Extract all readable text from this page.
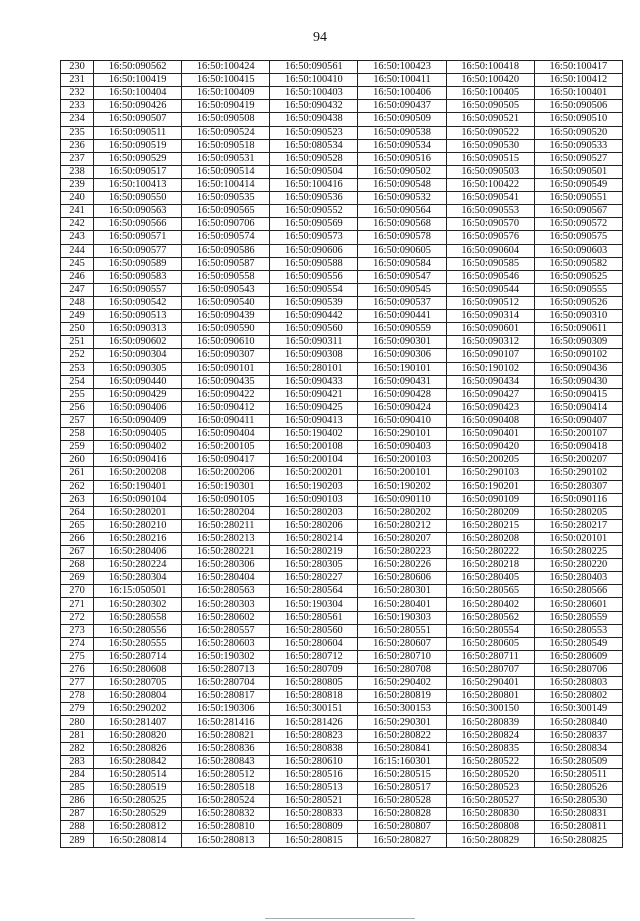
94
230	16:50:090562	16:50:100424	16:50:090561	16:50:100423	16:50:100418	16:50:100417
231	16:50:100419	16:50:100415	16:50:100410	16:50:100411	16:50:100420	16:50:100412
232	16:50:100404	16:50:100409	16:50:100403	16:50:100406	16:50:100405	16:50:100401
233	16:50:090426	16:50:090419	16:50:090432	16:50:090437	16:50:090505	16:50:090506
234	16:50:090507	16:50:090508	16:50:090438	16:50:090509	16:50:090521	16:50:090510
235	16:50:090511	16:50:090524	16:50:090523	16:50:090538	16:50:090522	16:50:090520
236	16:50:090519	16:50:090518	16:50:080534	16:50:090534	16:50:090530	16:50:090533
237	16:50:090529	16:50:090531	16:50:090528	16:50:090516	16:50:090515	16:50:090527
238	16:50:090517	16:50:090514	16:50:090504	16:50:090502	16:50:090503	16:50:090501
239	16:50:100413	16:50:100414	16:50:100416	16:50:090548	16:50:100422	16:50:090549
240	16:50:090550	16:50:090535	16:50:090536	16:50:090532	16:50:090541	16:50:090551
241	16:50:090563	16:50:090565	16:50:090552	16:50:090564	16:50:090553	16:50:090567
242	16:50:090566	16:50:090706	16:50:090569	16:50:090568	16:50:090570	16:50:090572
243	16:50:090571	16:50:090574	16:50:090573	16:50:090578	16:50:090576	16:50:090575
244	16:50:090577	16:50:090586	16:50:090606	16:50:090605	16:50:090604	16:50:090603
245	16:50:090589	16:50:090587	16:50:090588	16:50:090584	16:50:090585	16:50:090582
246	16:50:090583	16:50:090558	16:50:090556	16:50:090547	16:50:090546	16:50:090525
247	16:50:090557	16:50:090543	16:50:090554	16:50:090545	16:50:090544	16:50:090555
248	16:50:090542	16:50:090540	16:50:090539	16:50:090537	16:50:090512	16:50:090526
249	16:50:090513	16:50:090439	16:50:090442	16:50:090441	16:50:090314	16:50:090310
250	16:50:090313	16:50:090590	16:50:090560	16:50:090559	16:50:090601	16:50:090611
251	16:50:090602	16:50:090610	16:50:090311	16:50:090301	16:50:090312	16:50:090309
252	16:50:090304	16:50:090307	16:50:090308	16:50:090306	16:50:090107	16:50:090102
253	16:50:090305	16:50:090101	16:50:280101	16:50:190101	16:50:190102	16:50:090436
254	16:50:090440	16:50:090435	16:50:090433	16:50:090431	16:50:090434	16:50:090430
255	16:50:090429	16:50:090422	16:50:090421	16:50:090428	16:50:090427	16:50:090415
256	16:50:090406	16:50:090412	16:50:090425	16:50:090424	16:50:090423	16:50:090414
257	16:50:090409	16:50:090411	16:50:090413	16:50:090410	16:50:090408	16:50:090407
258	16:50:090405	16:50:090404	16:50:190402	16:50:290101	16:50:090401	16:50:200107
259	16:50:090402	16:50:200105	16:50:200108	16:50:090403	16:50:090420	16:50:090418
260	16:50:090416	16:50:090417	16:50:200104	16:50:200103	16:50:200205	16:50:200207
261	16:50:200208	16:50:200206	16:50:200201	16:50:200101	16:50:290103	16:50:290102
262	16:50:190401	16:50:190301	16:50:190203	16:50:190202	16:50:190201	16:50:280307
263	16:50:090104	16:50:090105	16:50:090103	16:50:090110	16:50:090109	16:50:090116
264	16:50:280201	16:50:280204	16:50:280203	16:50:280202	16:50:280209	16:50:280205
265	16:50:280210	16:50:280211	16:50:280206	16:50:280212	16:50:280215	16:50:280217
266	16:50:280216	16:50:280213	16:50:280214	16:50:280207	16:50:280208	16:50:020101
267	16:50:280406	16:50:280221	16:50:280219	16:50:280223	16:50:280222	16:50:280225
268	16:50:280224	16:50:280306	16:50:280305	16:50:280226	16:50:280218	16:50:280220
269	16:50:280304	16:50:280404	16:50:280227	16:50:280606	16:50:280405	16:50:280403
270	16:15:050501	16:50:280563	16:50:280564	16:50:280301	16:50:280565	16:50:280566
271	16:50:280302	16:50:280303	16:50:190304	16:50:280401	16:50:280402	16:50:280601
272	16:50:280558	16:50:280602	16:50:280561	16:50:190303	16:50:280562	16:50:280559
273	16:50:280556	16:50:280557	16:50:280560	16:50:280551	16:50:280554	16:50:280553
274	16:50:280555	16:50:280603	16:50:280604	16:50:280607	16:50:280605	16:50:280549
275	16:50:280714	16:50:190302	16:50:280712	16:50:280710	16:50:280711	16:50:280609
276	16:50:280608	16:50:280713	16:50:280709	16:50:280708	16:50:280707	16:50:280706
277	16:50:280705	16:50:280704	16:50:280805	16:50:290402	16:50:290401	16:50:280803
278	16:50:280804	16:50:280817	16:50:280818	16:50:280819	16:50:280801	16:50:280802
279	16:50:290202	16:50:190306	16:50:300151	16:50:300153	16:50:300150	16:50:300149
280	16:50:281407	16:50:281416	16:50:281426	16:50:290301	16:50:280839	16:50:280840
281	16:50:280820	16:50:280821	16:50:280823	16:50:280822	16:50:280824	16:50:280837
282	16:50:280826	16:50:280836	16:50:280838	16:50:280841	16:50:280835	16:50:280834
283	16:50:280842	16:50:280843	16:50:280610	16:15:160301	16:50:280522	16:50:280509
284	16:50:280514	16:50:280512	16:50:280516	16:50:280515	16:50:280520	16:50:280511
285	16:50:280519	16:50:280518	16:50:280513	16:50:280517	16:50:280523	16:50:280526
286	16:50:280525	16:50:280524	16:50:280521	16:50:280528	16:50:280527	16:50:280530
287	16:50:280529	16:50:280832	16:50:280833	16:50:280828	16:50:280830	16:50:280831
288	16:50:280812	16:50:280810	16:50:280809	16:50:280807	16:50:280808	16:50:280811
289	16:50:280814	16:50:280813	16:50:280815	16:50:280827	16:50:280829	16:50:280825
